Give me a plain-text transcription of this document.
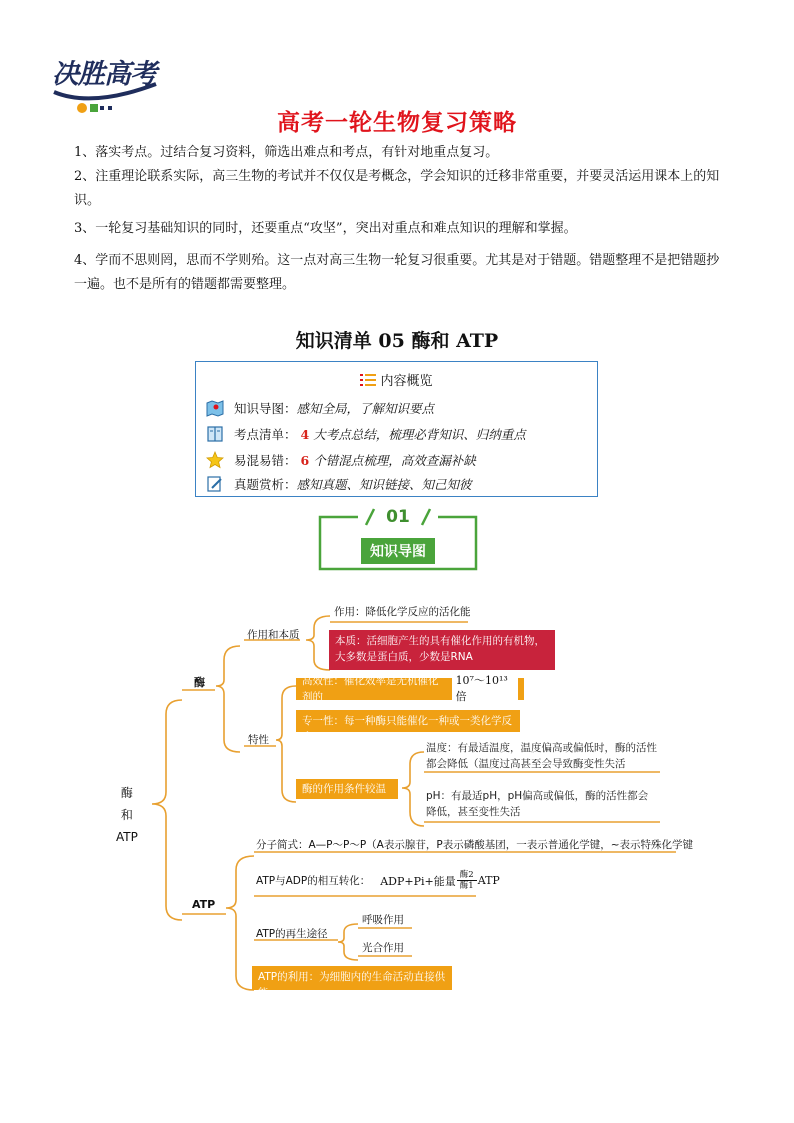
决胜高考
高考一轮生物复习策略
1、落实考点。过结合复习资料，筛选出难点和考点，有针对地重点复习。
2、注重理论联系实际，高三生物的考试并不仅仅是考概念，学会知识的迁移非常重要，并要灵活运用课本上的知识。
3、一轮复习基础知识的同时，还要重点“攻坚”，突出对重点和难点知识的理解和掌握。
4、学而不思则罔，思而不学则殆。这一点对高三生物一轮复习很重要。尤其是对于错题。错题整理不是把错题抄一遍。也不是所有的错题都需要整理。
知识清单 05 酶和 ATP
内容概览
知识导图： 感知全局，了解知识要点
考点清单： 4 大考点总结，梳理必背知识、归纳重点
易混易错： 6 个错混点梳理，高效查漏补缺
真题赏析： 感知真题、知识链接、知己知彼
01
知识导图
酶
和
ATP
酶
作用和本质
作用：降低化学反应的活化能
本质：活细胞产生的具有催化作用的有机物，大多数是蛋白质，少数是RNA
特性
高效性：催化效率是无机催化剂的
10⁷～10¹³倍
专一性：每一种酶只能催化一种或一类化学反应
酶的作用条件较温和
温度：有最适温度，温度偏高或偏低时，酶的活性都会降低（温度过高甚至会导致酶变性失活
pH：有最适pH，pH偏高或偏低，酶的活性都会降低，甚至变性失活
ATP
分子简式：A—P～P～P（A表示腺苷，P表示磷酸基团，一表示普通化学键，~表示特殊化学键
ATP与ADP的相互转化： ADP+Pi+能量 酶2
酶1 ATP
ATP的再生途径
呼吸作用
光合作用
ATP的利用：为细胞内的生命活动直接供能
